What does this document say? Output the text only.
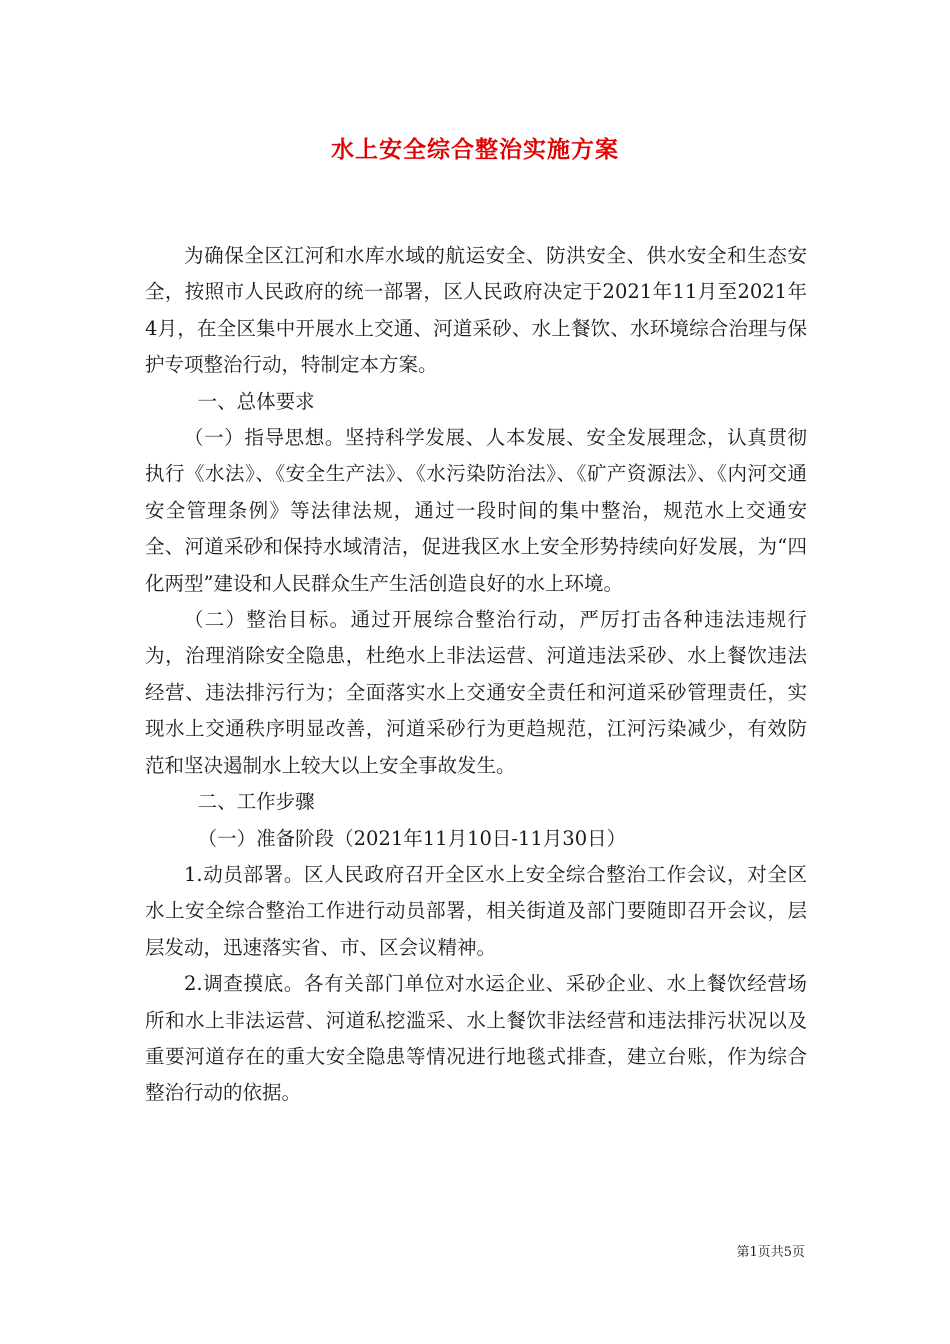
水上安全综合整治实施方案

为确保全区江河和水库水域的航运安全、防洪安全、供水安全和生态安全，按照市人民政府的统一部署，区人民政府决定于2021年11月至2021年4月，在全区集中开展水上交通、河道采砂、水上餐饮、水环境综合治理与保护专项整治行动，特制定本方案。

一、总体要求

（一）指导思想。坚持科学发展、人本发展、安全发展理念，认真贯彻执行《水法》、《安全生产法》、《水污染防治法》、《矿产资源法》、《内河交通安全管理条例》等法律法规，通过一段时间的集中整治，规范水上交通安全、河道采砂和保持水域清洁，促进我区水上安全形势持续向好发展，为“四化两型”建设和人民群众生产生活创造良好的水上环境。

（二）整治目标。通过开展综合整治行动，严厉打击各种违法违规行为，治理消除安全隐患，杜绝水上非法运营、河道违法采砂、水上餐饮违法经营、违法排污行为；全面落实水上交通安全责任和河道采砂管理责任，实现水上交通秩序明显改善，河道采砂行为更趋规范，江河污染减少，有效防范和坚决遏制水上较大以上安全事故发生。

二、工作步骤

（一）准备阶段（2021年11月10日-11月30日）

1.动员部署。区人民政府召开全区水上安全综合整治工作会议，对全区水上安全综合整治工作进行动员部署，相关街道及部门要随即召开会议，层层发动，迅速落实省、市、区会议精神。

2.调查摸底。各有关部门单位对水运企业、采砂企业、水上餐饮经营场所和水上非法运营、河道私挖滥采、水上餐饮非法经营和违法排污状况以及重要河道存在的重大安全隐患等情况进行地毯式排查，建立台账，作为综合整治行动的依据。

第1页共5页
